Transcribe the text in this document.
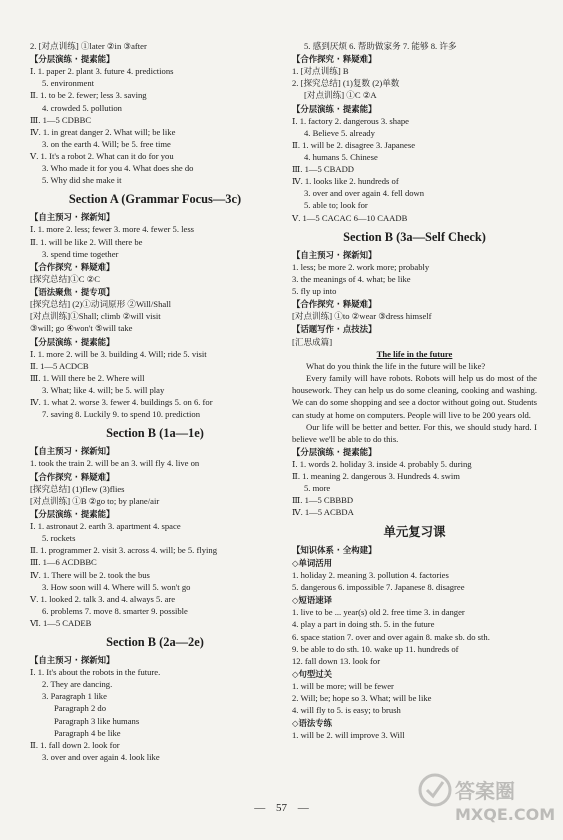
2. [对点训练] ①later ②in ③after
【分层演练 · 提素能】
Ⅰ. 1. paper 2. plant 3. future 4. predictions
5. environment
Ⅱ. 1. to be 2. fewer; less 3. saving
4. crowded 5. pollution
Ⅲ. 1—5 CDBBC
Ⅳ. 1. in great danger 2. What will; be like
3. on the earth 4. Will; be 5. free time
Ⅴ. 1. It's a robot 2. What can it do for you
3. Who made it for you 4. What does she do
5. Why did she make it
Section A (Grammar Focus—3c)
【自主预习 · 探新知】
Ⅰ. 1. more 2. less; fewer 3. more 4. fewer 5. less
Ⅱ. 1. will be like 2. Will there be
3. spend time together
【合作探究 · 释疑难】
[探究总结]①C ②C
【语法聚焦 · 提专项】
[探究总结] (2)①动词原形 ②Will/Shall
[对点训练]①Shall; climb ②will visit
③will; go ④won't ⑤will take
【分层演练 · 提素能】
Ⅰ. 1. more 2. will be 3. building 4. Will; ride 5. visit
Ⅱ. 1—5 ACDCB
Ⅲ. 1. Will there be 2. Where will
3. What; like 4. will; be 5. will play
Ⅳ. 1. what 2. worse 3. fewer 4. buildings 5. on 6. for
7. saving 8. Luckily 9. to spend 10. prediction
Section B (1a—1e)
【自主预习 · 探新知】
1. took the train 2. will be an 3. will fly 4. live on
【合作探究 · 释疑难】
[探究总结] (1)flew (3)flies
[对点训练] ①B ②go to; by plane/air
【分层演练 · 提素能】
Ⅰ. 1. astronaut 2. earth 3. apartment 4. space
5. rockets
Ⅱ. 1. programmer 2. visit 3. across 4. will; be 5. flying
Ⅲ. 1—6 ACDBBC
Ⅳ. 1. There will be 2. took the bus
3. How soon will 4. Where will 5. won't go
Ⅴ. 1. looked 2. talk 3. and 4. always 5. are
6. problems 7. move 8. smarter 9. possible
Ⅵ. 1—5 CADEB
Section B (2a—2e)
【自主预习 · 探新知】
Ⅰ. 1. It's about the robots in the future.
2. They are dancing.
3. Paragraph 1 like
Paragraph 2 do
Paragraph 3 like humans
Paragraph 4 be like
Ⅱ. 1. fall down 2. look for
3. over and over again 4. look like
5. 感到厌烦 6. 帮助做家务 7. 能够 8. 许多
【合作探究 · 释疑难】
1. [对点训练] B
2. [探究总结] (1)复数 (2)单数
[对点训练] ①C ②A
【分层演练 · 提素能】
Ⅰ. 1. factory 2. dangerous 3. shape
4. Believe 5. already
Ⅱ. 1. will be 2. disagree 3. Japanese
4. humans 5. Chinese
Ⅲ. 1—5 CBADD
Ⅳ. 1. looks like 2. hundreds of
3. over and over again 4. fell down
5. able to; look for
Ⅴ. 1—5 CACAC 6—10 CAADB
Section B (3a—Self Check)
【自主预习 · 探新知】
1. less; be more 2. work more; probably
3. the meanings of 4. what; be like
5. fly up into
【合作探究 · 释疑难】
[对点训练] ①to ②wear ③dress himself
【话题写作 · 点技法】
[汇思成篇]
The life in the future
What do you think the life in the future will be like?
Every family will have robots. Robots will help us do most of the housework. They can help us do some cleaning, cooking and washing. We can do some shopping and see a doctor without going out. Students can study at home on computers. People will live to be 200 years old.
Our life will be better and better. For this, we should study hard. I believe we'll be able to do this.
【分层演练 · 提素能】
Ⅰ. 1. words 2. holiday 3. inside 4. probably 5. during
Ⅱ. 1. meaning 2. dangerous 3. Hundreds 4. swim
5. more
Ⅲ. 1—5 CBBBD
Ⅳ. 1—5 ACBDA
单元复习课
【知识体系 · 全构建】
◇单词活用
1. holiday 2. meaning 3. pollution 4. factories
5. dangerous 6. impossible 7. Japanese 8. disagree
◇短语速译
1. live to be ... year(s) old 2. free time 3. in danger
4. play a part in doing sth. 5. in the future
6. space station 7. over and over again 8. make sb. do sth.
9. be able to do sth. 10. wake up 11. hundreds of
12. fall down 13. look for
◇句型过关
1. will be more; will be fewer
2. Will; be; hope so 3. What; will be like
4. will fly to 5. is easy; to brush
◇语法专练
1. will be 2. will improve 3. Will
— 57 —
答案圈
MXQE.COM
